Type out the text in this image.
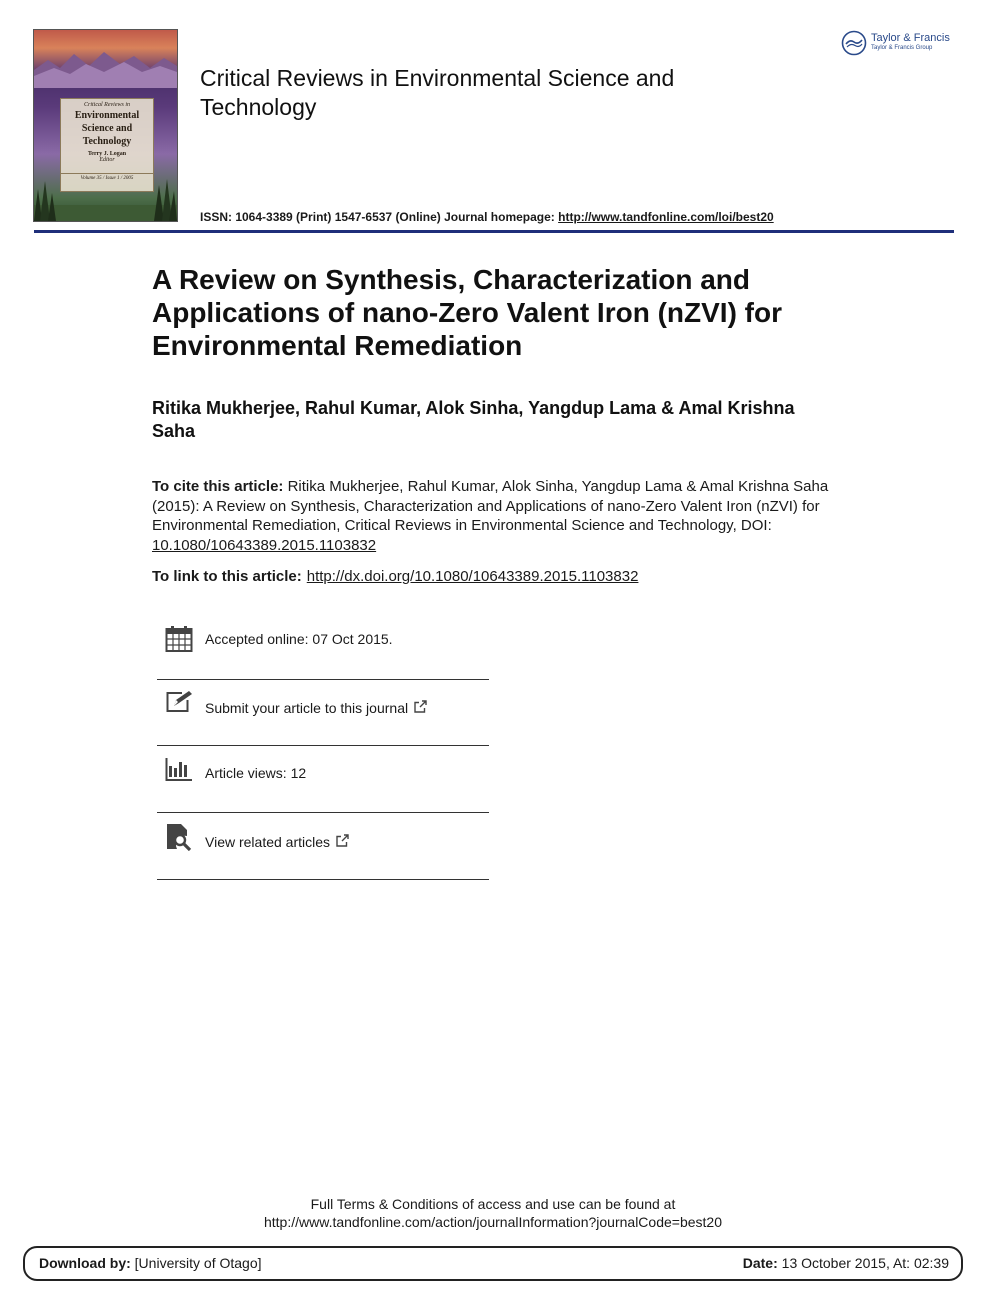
Critical Reviews in
Environmental
Science and
Technology
Terry J. Logan
Editor
Volume 35 / Issue 1 / 2005
Critical Reviews in Environmental Science and Technology
Taylor & Francis
Taylor & Francis Group
ISSN: 1064-3389 (Print) 1547-6537 (Online) Journal homepage: http://www.tandfonline.com/loi/best20
A Review on Synthesis, Characterization and Applications of nano-Zero Valent Iron (nZVI) for Environmental Remediation
Ritika Mukherjee, Rahul Kumar, Alok Sinha, Yangdup Lama & Amal Krishna Saha
To cite this article: Ritika Mukherjee, Rahul Kumar, Alok Sinha, Yangdup Lama & Amal Krishna Saha (2015): A Review on Synthesis, Characterization and Applications of nano-Zero Valent Iron (nZVI) for Environmental Remediation, Critical Reviews in Environmental Science and Technology, DOI: 10.1080/10643389.2015.1103832
To link to this article: http://dx.doi.org/10.1080/10643389.2015.1103832
Accepted online: 07 Oct 2015.
Submit your article to this journal
Article views: 12
View related articles
Full Terms & Conditions of access and use can be found at
http://www.tandfonline.com/action/journalInformation?journalCode=best20
Download by: [University of Otago]	Date: 13 October 2015, At: 02:39
